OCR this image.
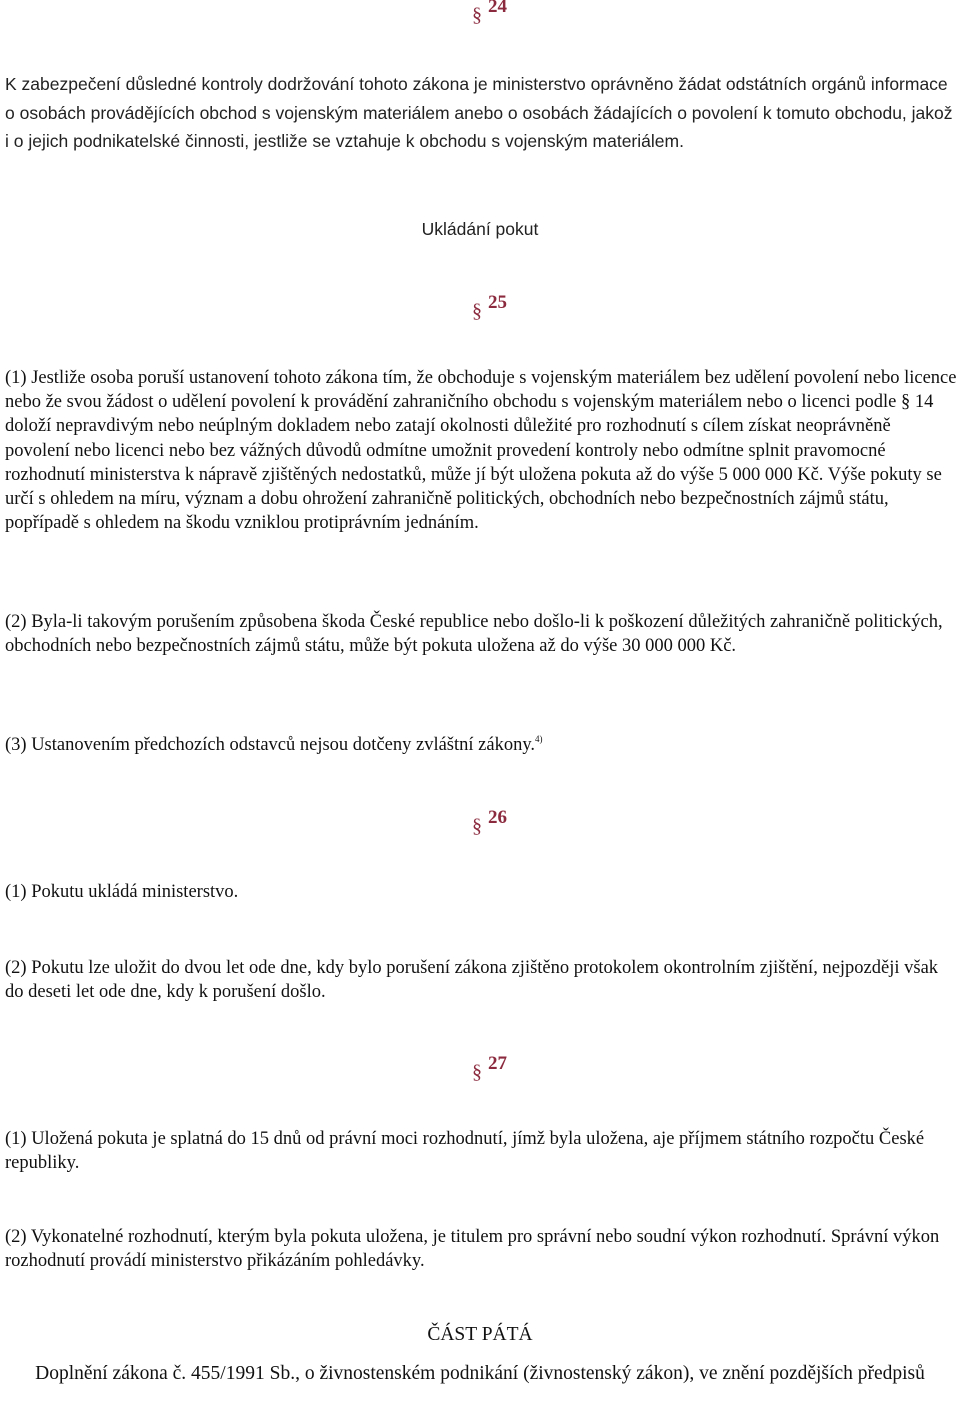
§ 24

K zabezpečení důsledné kontroly dodržování tohoto zákona je ministerstvo oprávněno žádat odstátních orgánů informace o osobách provádějících obchod s vojenským materiálem anebo o osobách žádajících o povolení k tomuto obchodu, jakož i o jejich podnikatelské činnosti, jestliže se vztahuje k obchodu s vojenským materiálem.

Ukládání pokut
§ 25

(1) Jestliže osoba poruší ustanovení tohoto zákona tím, že obchoduje s vojenským materiálem bez udělení povolení nebo licence nebo že svou žádost o udělení povolení k provádění zahraničního obchodu s vojenským materiálem nebo o licenci podle § 14 doloží nepravdivým nebo neúplným dokladem nebo zatají okolnosti důležité pro rozhodnutí s cílem získat neoprávněně povolení nebo licenci nebo bez vážných důvodů odmítne umožnit provedení kontroly nebo odmítne splnit pravomocné rozhodnutí ministerstva k nápravě zjištěných nedostatků, může jí být uložena pokuta až do výše 5 000 000 Kč. Výše pokuty se určí s ohledem na míru, význam a dobu ohrožení zahraničně politických, obchodních nebo bezpečnostních zájmů státu, popřípadě s ohledem na škodu vzniklou protiprávním jednáním.

(2) Byla-li takovým porušením způsobena škoda České republice nebo došlo-li k poškození důležitých zahraničně politických, obchodních nebo bezpečnostních zájmů státu, může být pokuta uložena až do výše 30 000 000 Kč.

(3) Ustanovením předchozích odstavců nejsou dotčeny zvláštní zákony.$^{4)}$

§ 26

(1) Pokutu ukládá ministerstvo.

(2) Pokutu lze uložit do dvou let ode dne, kdy bylo porušení zákona zjištěno protokolem okontrolním zjištění, nejpozději však do deseti let ode dne, kdy k porušení došlo.

§ 27

(1) Uložená pokuta je splatná do 15 dnů od právní moci rozhodnutí, jímž byla uložena, aje příjmem státního rozpočtu České republiky.

(2) Vykonatelné rozhodnutí, kterým byla pokuta uložena, je titulem pro správní nebo soudní výkon rozhodnutí. Správní výkon rozhodnutí provádí ministerstvo přikázáním pohledávky.

ČÁST PÁTÁ
Doplnění zákona č. 455/1991 Sb., o živnostenském podnikání (živnostenský zákon), ve znění pozdějších předpisů
